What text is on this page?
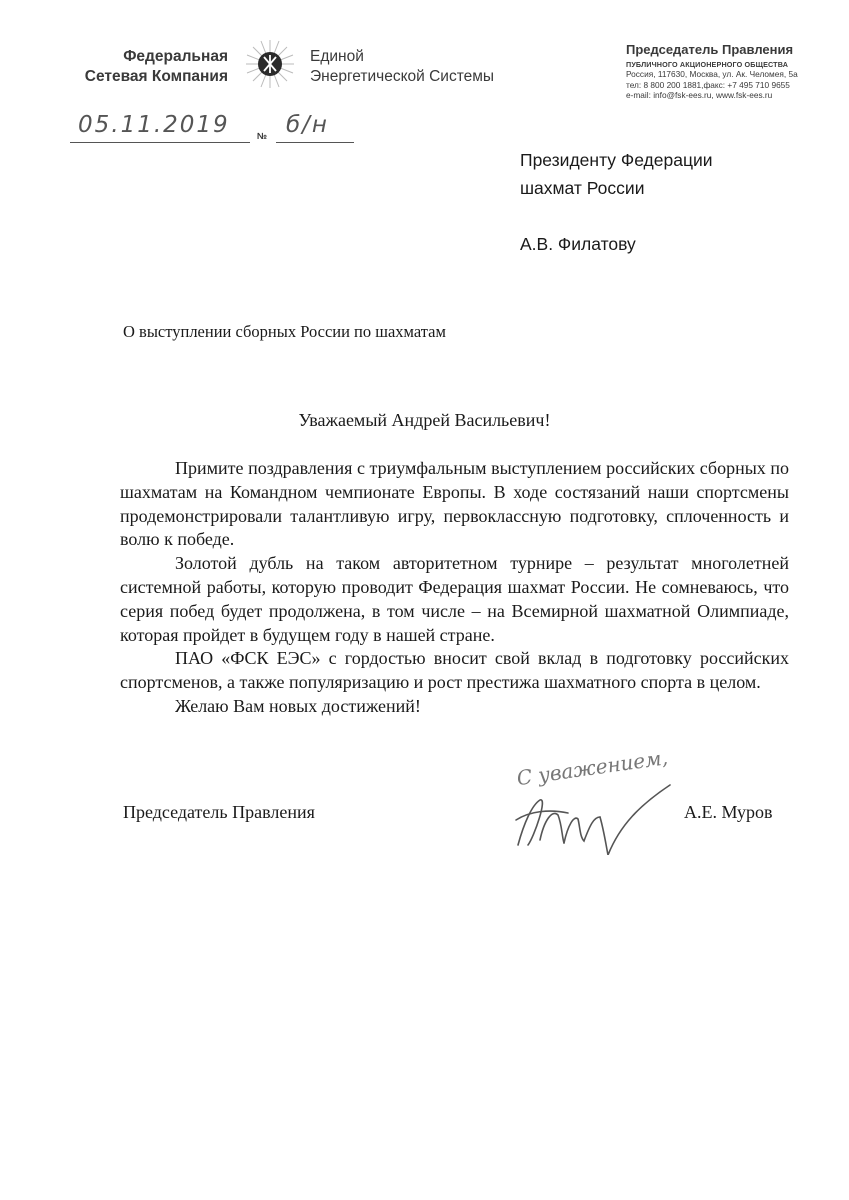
Федеральная
Сетевая Компания
Единой
Энергетической Системы
Председатель Правления
ПУБЛИЧНОГО АКЦИОНЕРНОГО ОБЩЕСТВА
Россия, 117630, Москва, ул. Ак. Челомея, 5а
тел: 8 800 200 1881,факс: +7 495 710 9655
e-mail: info@fsk-ees.ru, www.fsk-ees.ru
05.11.2019	№ б/н
Президенту Федерации
шахмат России
А.В. Филатову
О выступлении сборных России по шахматам
Уважаемый Андрей Васильевич!

Примите поздравления с триумфальным выступлением российских сборных по шахматам на Командном чемпионате Европы. В ходе состязаний наши спортсмены продемонстрировали талантливую игру, первоклассную подготовку, сплоченность и волю к победе.

Золотой дубль на таком авторитетном турнире – результат многолетней системной работы, которую проводит Федерация шахмат России. Не сомневаюсь, что серия побед будет продолжена, в том числе – на Всемирной шахматной Олимпиаде, которая пройдет в будущем году в нашей стране.

ПАО «ФСК ЕЭС» с гордостью вносит свой вклад в подготовку российских спортсменов, а также популяризацию и рост престижа шахматного спорта в целом.

Желаю Вам новых достижений!

Председатель Правления
С уважением,
А.Е. Муров
